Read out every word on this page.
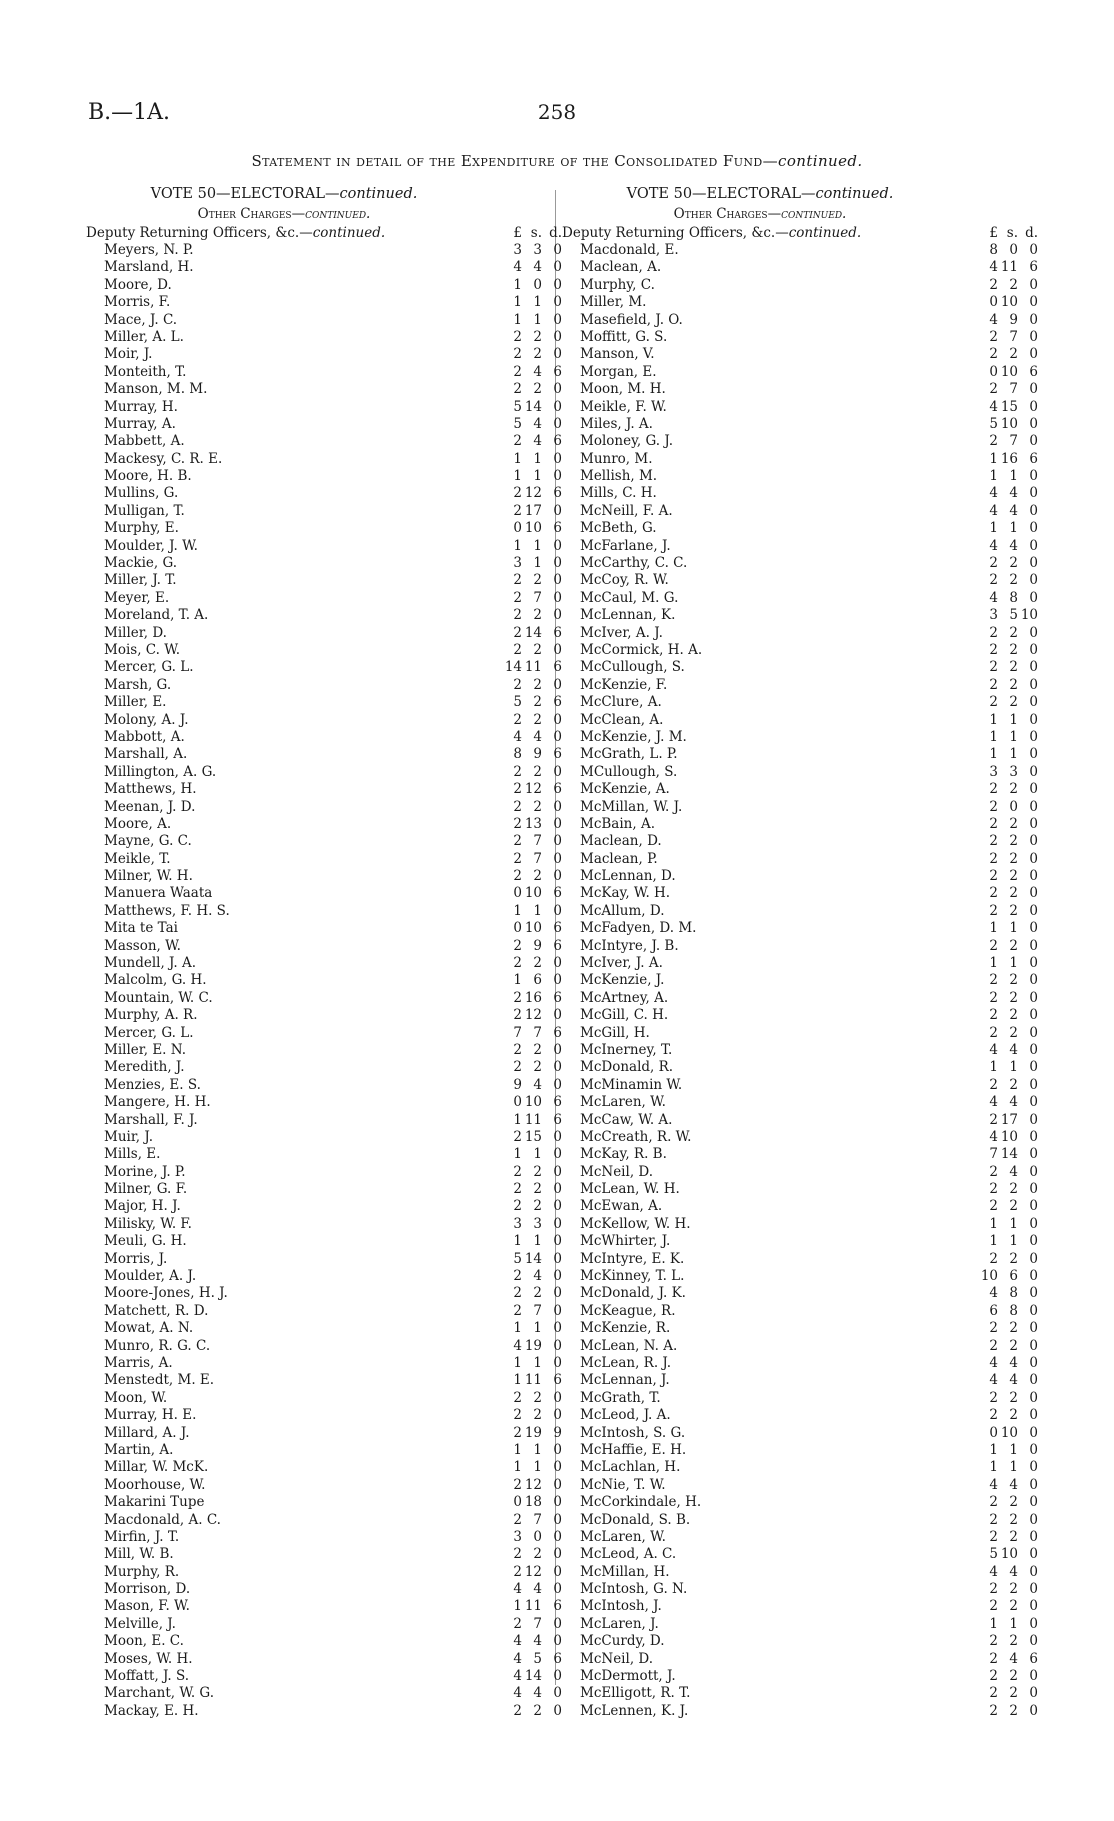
B.—1A.	258
Statement in detail of the Expenditure of the Consolidated Fund—continued.
VOTE 50—ELECTORAL—continued.
Other Charges—continued.
Deputy Returning Officers, &c.—continued.	£ s. d.
Meyers, N. P.	3 3 0
Marsland, H.	4 4 0
Moore, D.	1 0 0
Morris, F.	1 1 0
Mace, J. C.	1 1 0
Miller, A. L.	2 2 0
Moir, J.	2 2 0
Monteith, T.	2 4 6
Manson, M. M.	2 2 0
Murray, H.	5 14 0
Murray, A.	5 4 0
Mabbett, A.	2 4 6
Mackesy, C. R. E.	1 1 0
Moore, H. B.	1 1 0
Mullins, G.	2 12 6
Mulligan, T.	2 17 0
Murphy, E.	0 10 6
Moulder, J. W.	1 1 0
Mackie, G.	3 1 0
Miller, J. T.	2 2 0
Meyer, E.	2 7 0
Moreland, T. A.	2 2 0
Miller, D.	2 14 6
Mois, C. W.	2 2 0
Mercer, G. L.	14 11 6
Marsh, G.	2 2 0
Miller, E.	5 2 6
Molony, A. J.	2 2 0
Mabbott, A.	4 4 0
Marshall, A.	8 9 6
Millington, A. G.	2 2 0
Matthews, H.	2 12 6
Meenan, J. D.	2 2 0
Moore, A.	2 13 0
Mayne, G. C.	2 7 0
Meikle, T.	2 7 0
Milner, W. H.	2 2 0
Manuera Waata	0 10 6
Matthews, F. H. S.	1 1 0
Mita te Tai	0 10 6
Masson, W.	2 9 6
Mundell, J. A.	2 2 0
Malcolm, G. H.	1 6 0
Mountain, W. C.	2 16 6
Murphy, A. R.	2 12 0
Mercer, G. L.	7 7 6
Miller, E. N.	2 2 0
Meredith, J.	2 2 0
Menzies, E. S.	9 4 0
Mangere, H. H.	0 10 6
Marshall, F. J.	1 11 6
Muir, J.	2 15 0
Mills, E.	1 1 0
Morine, J. P.	2 2 0
Milner, G. F.	2 2 0
Major, H. J.	2 2 0
Milisky, W. F.	3 3 0
Meuli, G. H.	1 1 0
Morris, J.	5 14 0
Moulder, A. J.	2 4 0
Moore-Jones, H. J.	2 2 0
Matchett, R. D.	2 7 0
Mowat, A. N.	1 1 0
Munro, R. G. C.	4 19 0
Marris, A.	1 1 0
Menstedt, M. E.	1 11 6
Moon, W.	2 2 0
Murray, H. E.	2 2 0
Millard, A. J.	2 19 9
Martin, A.	1 1 0
Millar, W. McK.	1 1 0
Moorhouse, W.	2 12 0
Makarini Tupe	0 18 0
Macdonald, A. C.	2 7 0
Mirfin, J. T.	3 0 0
Mill, W. B.	2 2 0
Murphy, R.	2 12 0
Morrison, D.	4 4 0
Mason, F. W.	1 11 6
Melville, J.	2 7 0
Moon, E. C.	4 4 0
Moses, W. H.	4 5 6
Moffatt, J. S.	4 14 0
Marchant, W. G.	4 4 0
Mackay, E. H.	2 2 0
VOTE 50—ELECTORAL—continued.
Other Charges—continued.
Deputy Returning Officers, &c.—continued.	£ s. d.
Macdonald, E.	8 0 0
Maclean, A.	4 11 6
Murphy, C.	2 2 0
Miller, M.	0 10 0
Masefield, J. O.	4 9 0
Moffitt, G. S.	2 7 0
Manson, V.	2 2 0
Morgan, E.	0 10 6
Moon, M. H.	2 7 0
Meikle, F. W.	4 15 0
Miles, J. A.	5 10 0
Moloney, G. J.	2 7 0
Munro, M.	1 16 6
Mellish, M.	1 1 0
Mills, C. H.	4 4 0
McNeill, F. A.	4 4 0
McBeth, G.	1 1 0
McFarlane, J.	4 4 0
McCarthy, C. C.	2 2 0
McCoy, R. W.	2 2 0
McCaul, M. G.	4 8 0
McLennan, K.	3 5 10
McIver, A. J.	2 2 0
McCormick, H. A.	2 2 0
McCullough, S.	2 2 0
McKenzie, F.	2 2 0
McClure, A.	2 2 0
McClean, A.	1 1 0
McKenzie, J. M.	1 1 0
McGrath, L. P.	1 1 0
MCullough, S.	3 3 0
McKenzie, A.	2 2 0
McMillan, W. J.	2 0 0
McBain, A.	2 2 0
Maclean, D.	2 2 0
Maclean, P.	2 2 0
McLennan, D.	2 2 0
McKay, W. H.	2 2 0
McAllum, D.	2 2 0
McFadyen, D. M.	1 1 0
McIntyre, J. B.	2 2 0
McIver, J. A.	1 1 0
McKenzie, J.	2 2 0
McArtney, A.	2 2 0
McGill, C. H.	2 2 0
McGill, H.	2 2 0
McInerney, T.	4 4 0
McDonald, R.	1 1 0
McMinamin W.	2 2 0
McLaren, W.	4 4 0
McCaw, W. A.	2 17 0
McCreath, R. W.	4 10 0
McKay, R. B.	7 14 0
McNeil, D.	2 4 0
McLean, W. H.	2 2 0
McEwan, A.	2 2 0
McKellow, W. H.	1 1 0
McWhirter, J.	1 1 0
McIntyre, E. K.	2 2 0
McKinney, T. L.	10 6 0
McDonald, J. K.	4 8 0
McKeague, R.	6 8 0
McKenzie, R.	2 2 0
McLean, N. A.	2 2 0
McLean, R. J.	4 4 0
McLennan, J.	4 4 0
McGrath, T.	2 2 0
McLeod, J. A.	2 2 0
McIntosh, S. G.	0 10 0
McHaffie, E. H.	1 1 0
McLachlan, H.	1 1 0
McNie, T. W.	4 4 0
McCorkindale, H.	2 2 0
McDonald, S. B.	2 2 0
McLaren, W.	2 2 0
McLeod, A. C.	5 10 0
McMillan, H.	4 4 0
McIntosh, G. N.	2 2 0
McIntosh, J.	2 2 0
McLaren, J.	1 1 0
McCurdy, D.	2 2 0
McNeil, D.	2 4 6
McDermott, J.	2 2 0
McElligott, R. T.	2 2 0
McLennen, K. J.	2 2 0
